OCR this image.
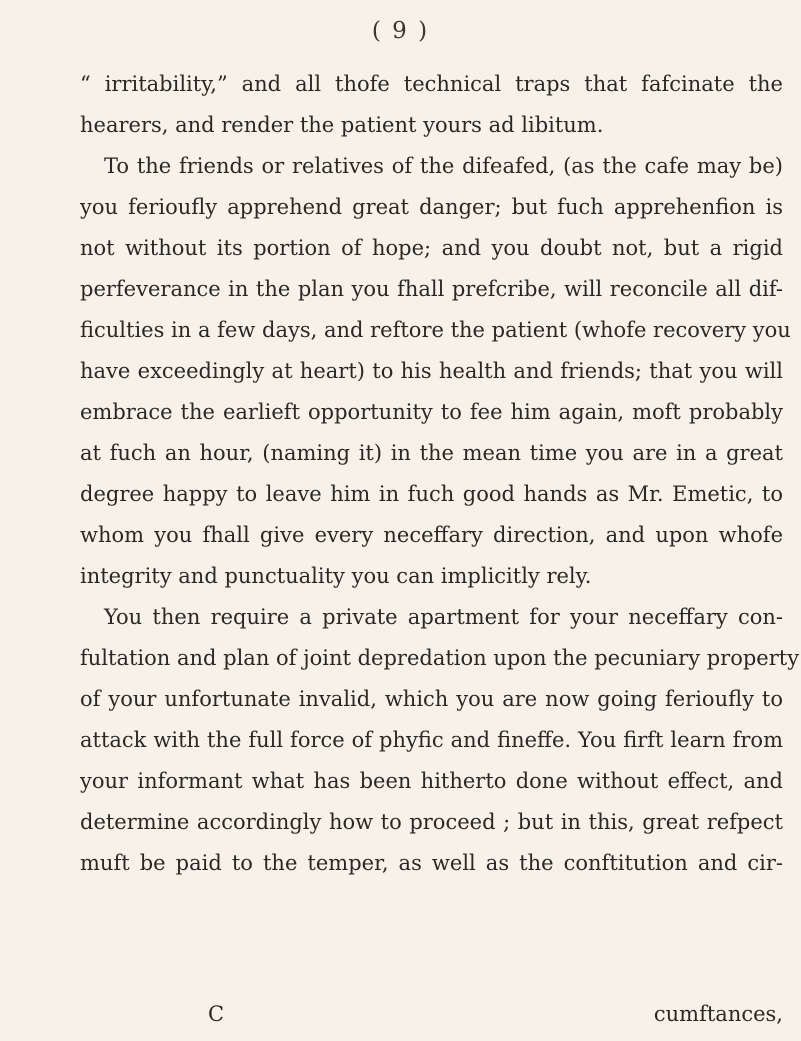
( 9 )
“ irritability,” and all thofe technical traps that fafcinate the
hearers, and render the patient yours ad libitum.
To the friends or relatives of the difeafed, (as the cafe may be)
you ferioufly apprehend great danger; but fuch apprehenfion is
not without its portion of hope; and you doubt not, but a rigid
perfeverance in the plan you fhall prefcribe, will reconcile all dif-
ficulties in a few days, and reftore the patient (whofe recovery you
have exceedingly at heart) to his health and friends; that you will
embrace the earlieft opportunity to fee him again, moft probably
at fuch an hour, (naming it) in the mean time you are in a great
degree happy to leave him in fuch good hands as Mr. Emetic, to
whom you fhall give every neceffary direction, and upon whofe
integrity and punctuality you can implicitly rely.
You then require a private apartment for your neceffary con-
fultation and plan of joint depredation upon the pecuniary property
of your unfortunate invalid, which you are now going ferioufly to
attack with the full force of phyfic and fineffe. You firft learn from
your informant what has been hitherto done without effect, and
determine accordingly how to proceed ; but in this, great refpect
muft be paid to the temper, as well as the conftitution and cir-
C	cumftances,
